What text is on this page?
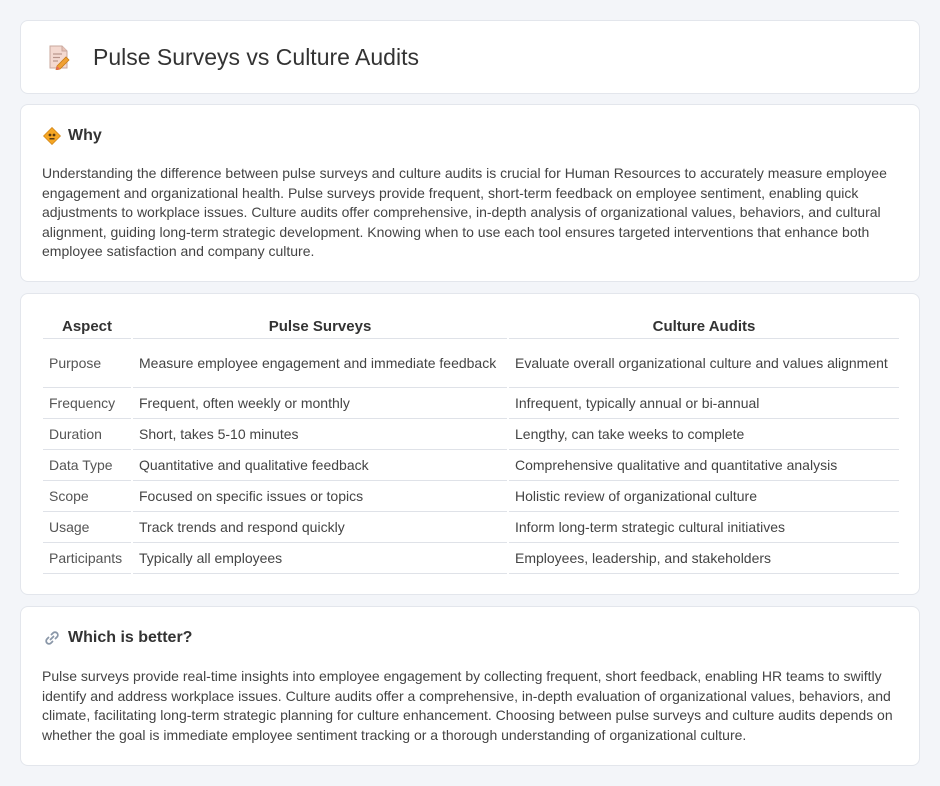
Pulse Surveys vs Culture Audits
Why

Understanding the difference between pulse surveys and culture audits is crucial for Human Resources to accurately measure employee engagement and organizational health. Pulse surveys provide frequent, short-term feedback on employee sentiment, enabling quick adjustments to workplace issues. Culture audits offer comprehensive, in-depth analysis of organizational values, behaviors, and cultural alignment, guiding long-term strategic development. Knowing when to use each tool ensures targeted interventions that enhance both employee satisfaction and company culture.

Aspect	Pulse Surveys	Culture Audits
Purpose	Measure employee engagement and immediate feedback	Evaluate overall organizational culture and values alignment
Frequency	Frequent, often weekly or monthly	Infrequent, typically annual or bi-annual
Duration	Short, takes 5-10 minutes	Lengthy, can take weeks to complete
Data Type	Quantitative and qualitative feedback	Comprehensive qualitative and quantitative analysis
Scope	Focused on specific issues or topics	Holistic review of organizational culture
Usage	Track trends and respond quickly	Inform long-term strategic cultural initiatives
Participants	Typically all employees	Employees, leadership, and stakeholders
Which is better?

Pulse surveys provide real-time insights into employee engagement by collecting frequent, short feedback, enabling HR teams to swiftly identify and address workplace issues. Culture audits offer a comprehensive, in-depth evaluation of organizational values, behaviors, and climate, facilitating long-term strategic planning for culture enhancement. Choosing between pulse surveys and culture audits depends on whether the goal is immediate employee sentiment tracking or a thorough understanding of organizational culture.
